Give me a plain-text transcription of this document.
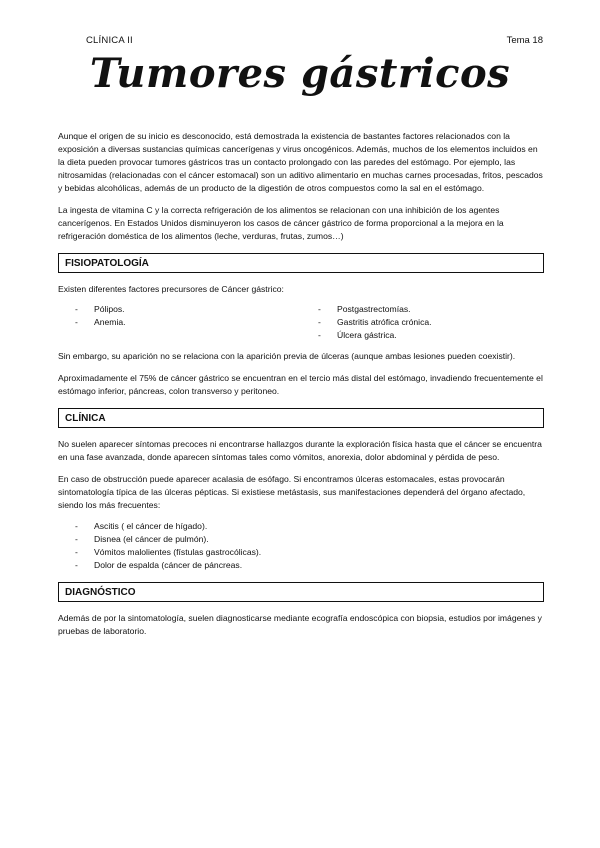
CLÍNICA II	Tema 18
Tumores gástricos

Aunque el origen de su inicio es desconocido, está demostrada la existencia de bastantes factores relacionados con la exposición a diversas sustancias químicas cancerígenas y virus oncogénicos. Además, muchos de los elementos incluidos en la dieta pueden provocar tumores gástricos tras un contacto prolongado con las paredes del estómago. Por ejemplo, las nitrosamidas (relacionadas con el cáncer estomacal) son un aditivo alimentario en muchas carnes procesadas, fritos, pescados y bebidas alcohólicas, además de un producto de la digestión de otros compuestos como la sal en el estómago.

La ingesta de vitamina C y la correcta refrigeración de los alimentos se relacionan con una inhibición de los agentes cancerígenos. En Estados Unidos disminuyeron los casos de cáncer gástrico de forma proporcional a la mejora en la refrigeración doméstica de los alimentos (leche, verduras, frutas, zumos…)

FISIOPATOLOGÍA

Existen diferentes factores precursores de Cáncer gástrico:

- Pólipos.
- Anemia.
- Postgastrectomías.
- Gastritis atrófica crónica.
- Úlcera gástrica.

Sin embargo, su aparición no se relaciona con la aparición previa de úlceras (aunque ambas lesiones pueden coexistir).

Aproximadamente el 75% de cáncer gástrico se encuentran en el tercio más distal del estómago, invadiendo frecuentemente el estómago inferior, páncreas, colon transverso y peritoneo.

CLÍNICA

No suelen aparecer síntomas precoces ni encontrarse hallazgos durante la exploración física hasta que el cáncer se encuentra en una fase avanzada, donde aparecen síntomas tales como vómitos, anorexia, dolor abdominal y pérdida de peso.

En caso de obstrucción puede aparecer acalasia de esófago. Si encontramos úlceras estomacales, estas provocarán sintomatología típica de las úlceras pépticas. Si existiese metástasis, sus manifestaciones dependerá del órgano afectado, siendo los más frecuentes:

- Ascitis ( el cáncer de hígado).
- Disnea (el cáncer de pulmón).
- Vómitos malolientes (fístulas gastrocólicas).
- Dolor de espalda (cáncer de páncreas.
DIAGNÓSTICO

Además de por la sintomatología, suelen diagnosticarse mediante ecografía endoscópica con biopsia, estudios por imágenes y pruebas de laboratorio.
